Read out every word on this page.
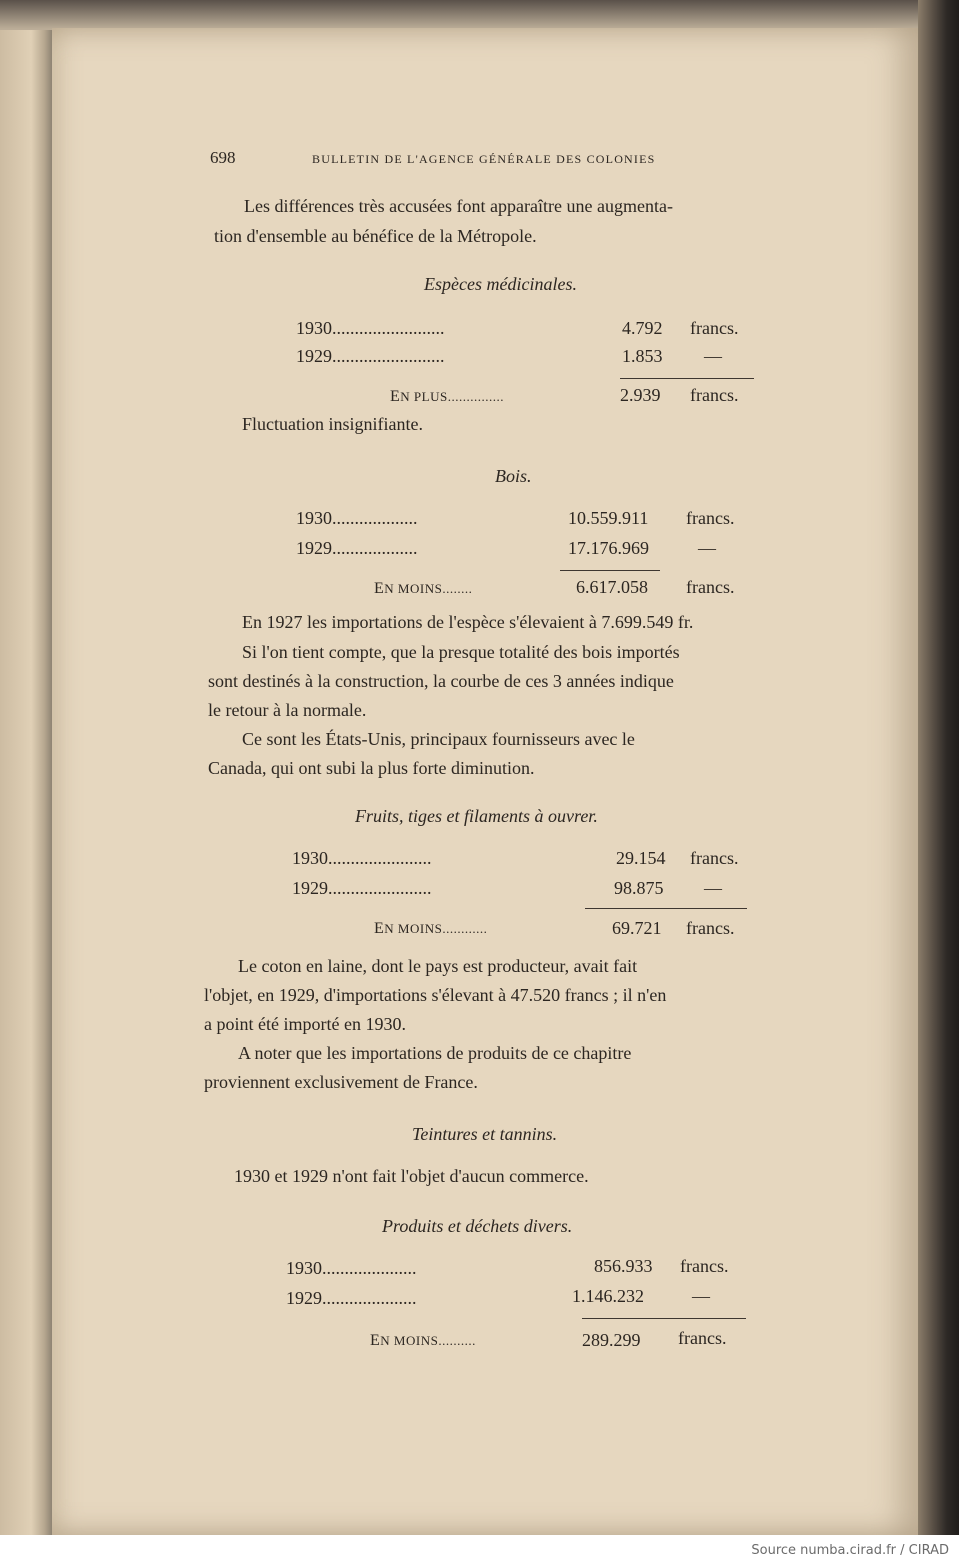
698	BULLETIN DE L'AGENCE GÉNÉRALE DES COLONIES
Les différences très accusées font apparaître une augmenta-
tion d'ensemble au bénéfice de la Métropole.
Espèces médicinales.
1930.........................	4.792 francs.
1929.........................	1.853 —
EN PLUS...............	2.939 francs.
Fluctuation insignifiante.
Bois.
1930...................	10.559.911 francs.
1929...................	17.176.969	—
EN MOINS........	6.617.058 francs.
En 1927 les importations de l'espèce s'élevaient à 7.699.549 fr.
Si l'on tient compte, que la presque totalité des bois importés
sont destinés à la construction, la courbe de ces 3 années indique
le retour à la normale.
Ce sont les États-Unis, principaux fournisseurs avec le
Canada, qui ont subi la plus forte diminution.
Fruits, tiges et filaments à ouvrer.
1930.......................	29.154 francs.
1929.......................	98.875 —
EN MOINS............	69.721 francs.
Le coton en laine, dont le pays est producteur, avait fait
l'objet, en 1929, d'importations s'élevant à 47.520 francs ; il n'en
a point été importé en 1930.
A noter que les importations de produits de ce chapitre
proviennent exclusivement de France.
Teintures et tannins.
1930 et 1929 n'ont fait l'objet d'aucun commerce.
Produits et déchets divers.
1930.....................	856.933 francs.
1929.....................	1.146.232	—
EN MOINS..........	289.299 francs.
Source numba.cirad.fr / CIRAD
